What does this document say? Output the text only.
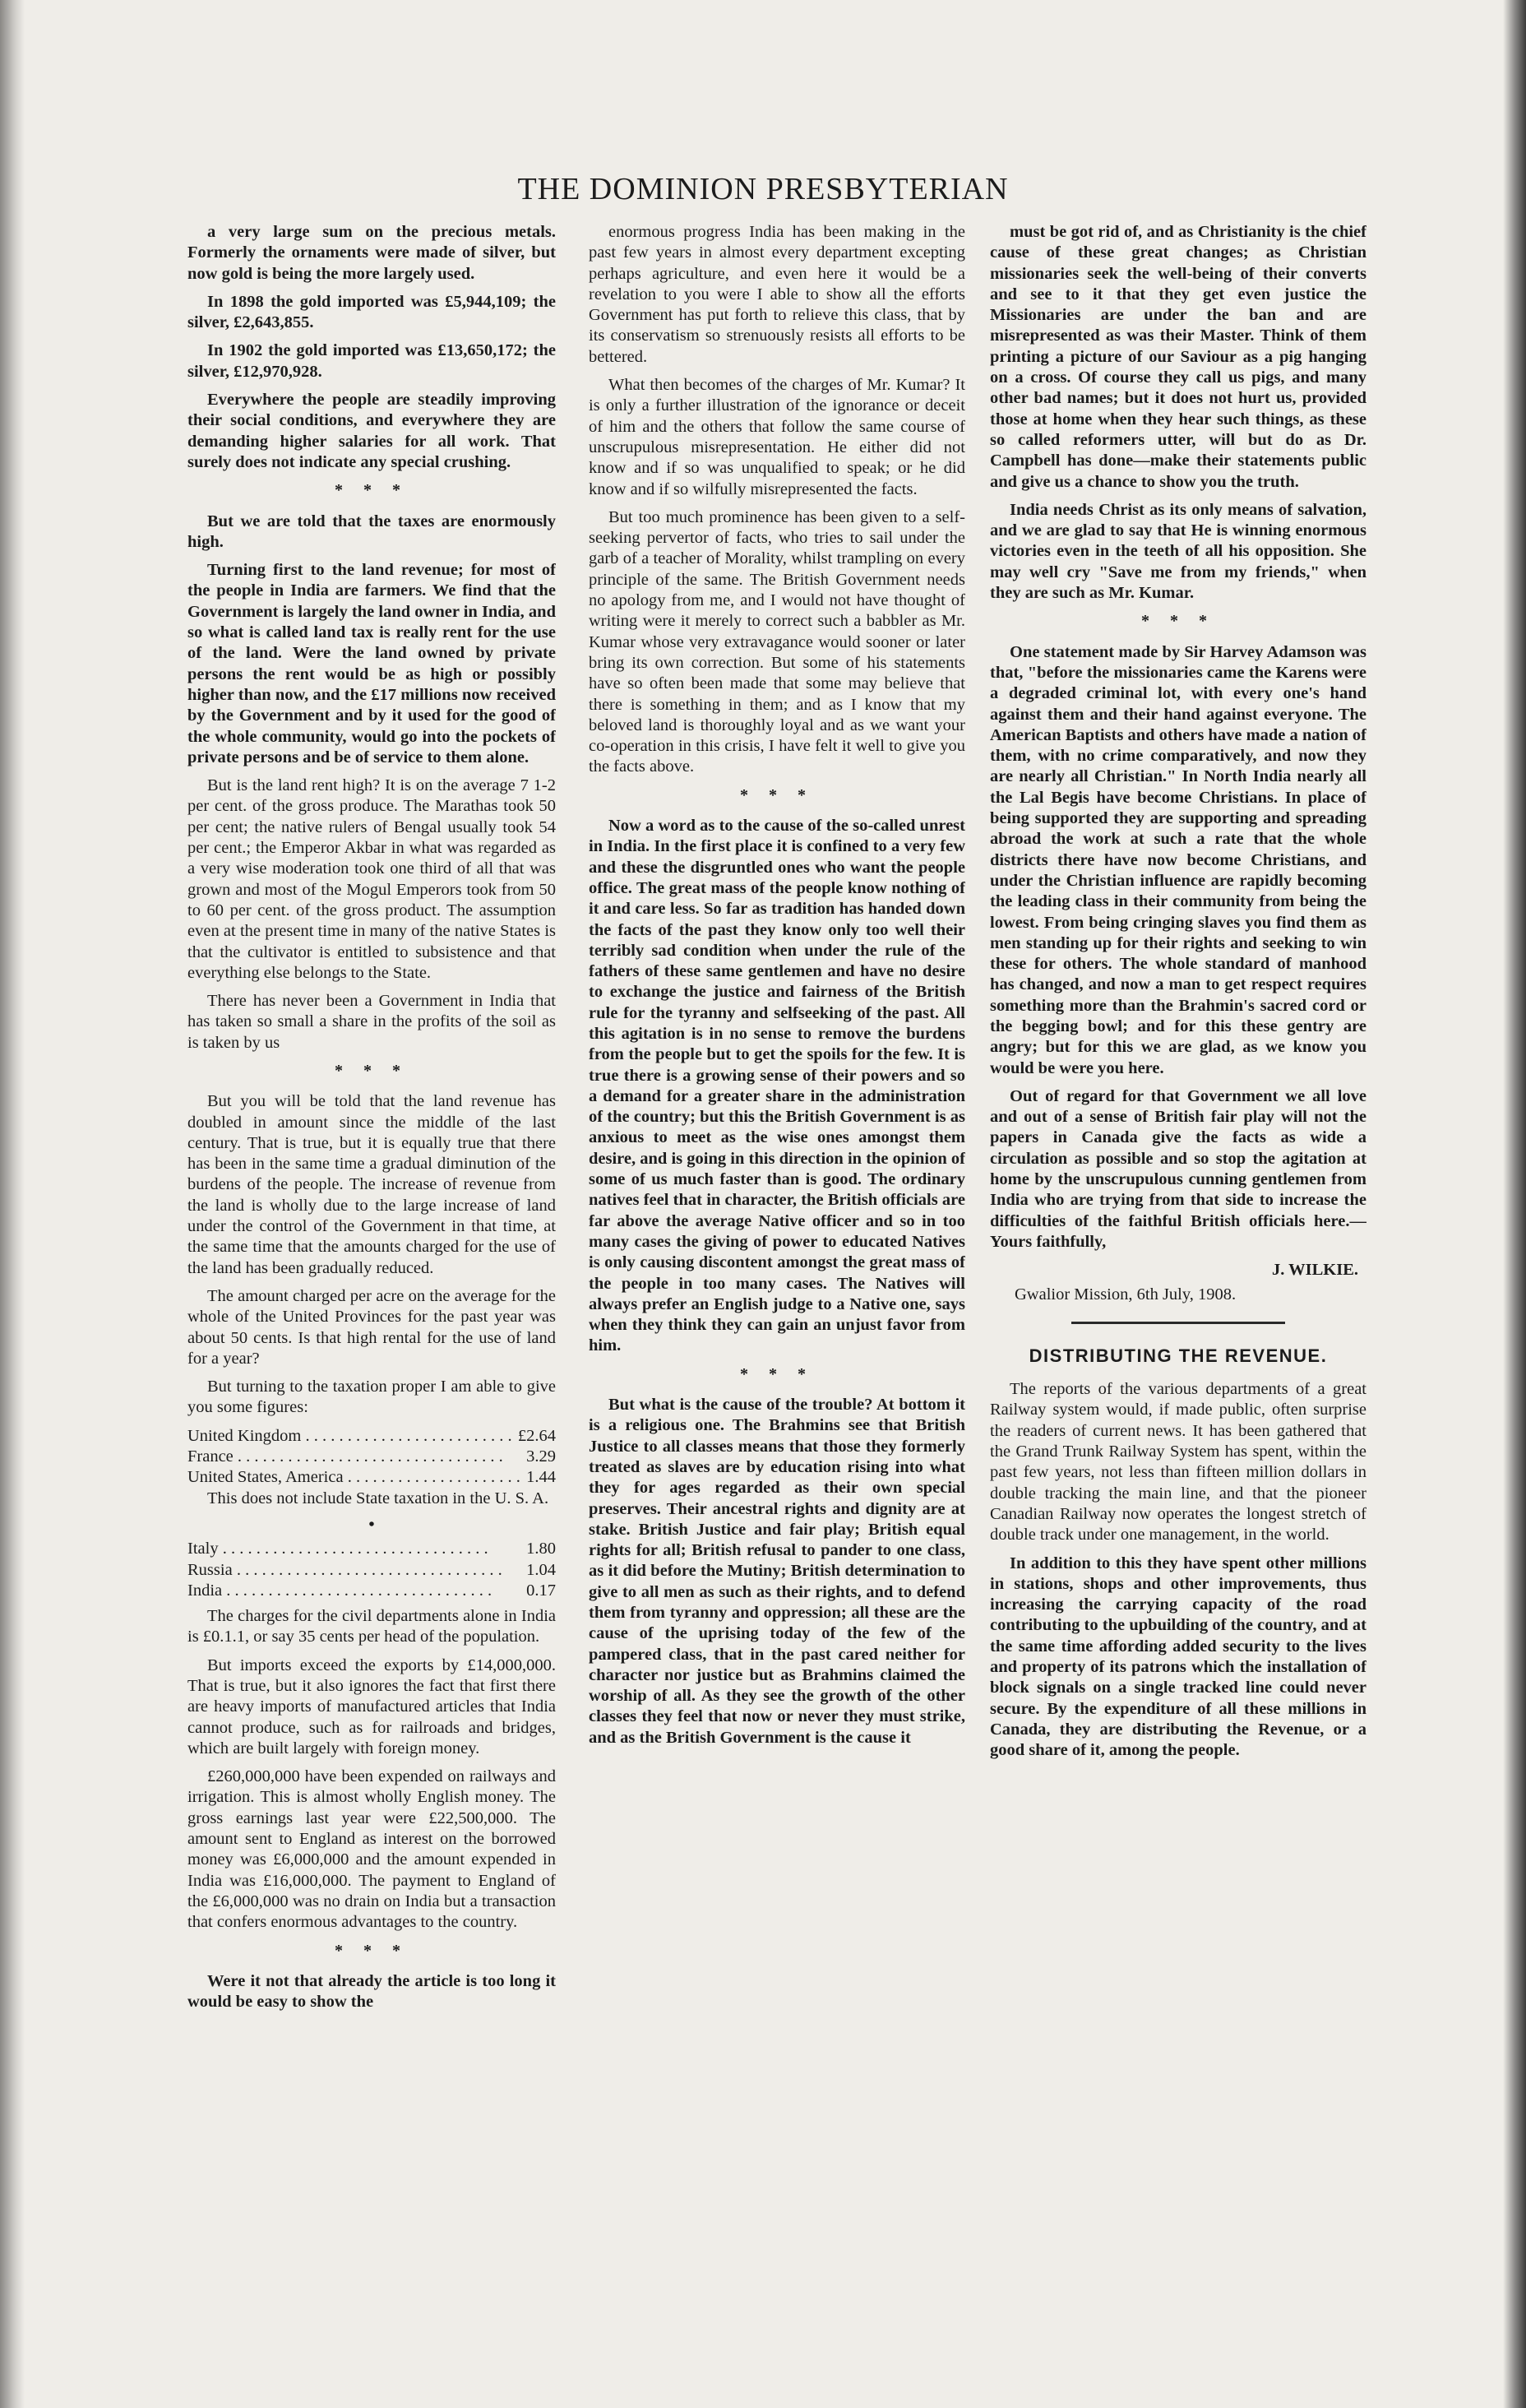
THE DOMINION PRESBYTERIAN

a very large sum on the precious metals. Formerly the ornaments were made of silver, but now gold is being the more largely used.

In 1898 the gold imported was £5,944,109; the silver, £2,643,855.

In 1902 the gold imported was £13,650,172; the silver, £12,970,928.

Everywhere the people are steadily improving their social conditions, and everywhere they are demanding higher salaries for all work. That surely does not indicate any special crushing.

* * *

But we are told that the taxes are enormously high.

Turning first to the land revenue; for most of the people in India are farmers. We find that the Government is largely the land owner in India, and so what is called land tax is really rent for the use of the land. Were the land owned by private persons the rent would be as high or possibly higher than now, and the £17 millions now received by the Government and by it used for the good of the whole community, would go into the pockets of private persons and be of service to them alone.

But is the land rent high? It is on the average 7 1-2 per cent. of the gross produce. The Marathas took 50 per cent; the native rulers of Bengal usually took 54 per cent.; the Emperor Akbar in what was regarded as a very wise moderation took one third of all that was grown and most of the Mogul Emperors took from 50 to 60 per cent. of the gross product. The assumption even at the present time in many of the native States is that the cultivator is entitled to subsistence and that everything else belongs to the State.

There has never been a Government in India that has taken so small a share in the profits of the soil as is taken by us

* * *

But you will be told that the land revenue has doubled in amount since the middle of the last century. That is true, but it is equally true that there has been in the same time a gradual diminution of the burdens of the people. The increase of revenue from the land is wholly due to the large increase of land under the control of the Government in that time, at the same time that the amounts charged for the use of the land has been gradually reduced.

The amount charged per acre on the average for the whole of the United Provinces for the past year was about 50 cents. Is that high rental for the use of land for a year?

But turning to the taxation proper I am able to give you some figures:

United Kingdom . . .	£2.64
France . . .	3.29
United States, America . . .	1.44

This does not include State taxation in the U. S. A.

•
Italy . . .	1.80
Russia . . .	1.04
India . . .	0.17

The charges for the civil departments alone in India is £0.1.1, or say 35 cents per head of the population.

But imports exceed the exports by £14,000,000. That is true, but it also ignores the fact that first there are heavy imports of manufactured articles that India cannot produce, such as for railroads and bridges, which are built largely with foreign money.

£260,000,000 have been expended on railways and irrigation. This is almost wholly English money. The gross earnings last year were £22,500,000. The amount sent to England as interest on the borrowed money was £6,000,000 and the amount expended in India was £16,000,000. The payment to England of the £6,000,000 was no drain on India but a transaction that confers enormous advantages to the country.

* * *

Were it not that already the article is too long it would be easy to show the

enormous progress India has been making in the past few years in almost every department excepting perhaps agriculture, and even here it would be a revelation to you were I able to show all the efforts Government has put forth to relieve this class, that by its conservatism so strenuously resists all efforts to be bettered.

What then becomes of the charges of Mr. Kumar? It is only a further illustration of the ignorance or deceit of him and the others that follow the same course of unscrupulous misrepresentation. He either did not know and if so was unqualified to speak; or he did know and if so wilfully misrepresented the facts.

But too much prominence has been given to a self-seeking pervertor of facts, who tries to sail under the garb of a teacher of Morality, whilst trampling on every principle of the same. The British Government needs no apology from me, and I would not have thought of writing were it merely to correct such a babbler as Mr. Kumar whose very extravagance would sooner or later bring its own correction. But some of his statements have so often been made that some may believe that there is something in them; and as I know that my beloved land is thoroughly loyal and as we want your co-operation in this crisis, I have felt it well to give you the facts above.

* * *

Now a word as to the cause of the so-called unrest in India. In the first place it is confined to a very few and these the disgruntled ones who want the people office. The great mass of the people know nothing of it and care less. So far as tradition has handed down the facts of the past they know only too well their terribly sad condition when under the rule of the fathers of these same gentlemen and have no desire to exchange the justice and fairness of the British rule for the tyranny and selfseeking of the past. All this agitation is in no sense to remove the burdens from the people but to get the spoils for the few. It is true there is a growing sense of their powers and so a demand for a greater share in the administration of the country; but this the British Government is as anxious to meet as the wise ones amongst them desire, and is going in this direction in the opinion of some of us much faster than is good. The ordinary natives feel that in character, the British officials are far above the average Native officer and so in too many cases the giving of power to educated Natives is only causing discontent amongst the great mass of the people in too many cases. The Natives will always prefer an English judge to a Native one, says when they think they can gain an unjust favor from him.

* * *

But what is the cause of the trouble? At bottom it is a religious one. The Brahmins see that British Justice to all classes means that those they formerly treated as slaves are by education rising into what they for ages regarded as their own special preserves. Their ancestral rights and dignity are at stake. British Justice and fair play; British equal rights for all; British refusal to pander to one class, as it did before the Mutiny; British determination to give to all men as such as their rights, and to defend them from tyranny and oppression; all these are the cause of the uprising today of the few of the pampered class, that in the past cared neither for character nor justice but as Brahmins claimed the worship of all. As they see the growth of the other classes they feel that now or never they must strike, and as the British Government is the cause it

must be got rid of, and as Christianity is the chief cause of these great changes; as Christian missionaries seek the well-being of their converts and see to it that they get even justice the Missionaries are under the ban and are misrepresented as was their Master. Think of them printing a picture of our Saviour as a pig hanging on a cross. Of course they call us pigs, and many other bad names; but it does not hurt us, provided those at home when they hear such things, as these so called reformers utter, will but do as Dr. Campbell has done—make their statements public and give us a chance to show you the truth.

India needs Christ as its only means of salvation, and we are glad to say that He is winning enormous victories even in the teeth of all his opposition. She may well cry "Save me from my friends," when they are such as Mr. Kumar.

* * *

One statement made by Sir Harvey Adamson was that, "before the missionaries came the Karens were a degraded criminal lot, with every one's hand against them and their hand against everyone. The American Baptists and others have made a nation of them, with no crime comparatively, and now they are nearly all Christian." In North India nearly all the Lal Begis have become Christians. In place of being supported they are supporting and spreading abroad the work at such a rate that the whole districts there have now become Christians, and under the Christian influence are rapidly becoming the leading class in their community from being the lowest. From being cringing slaves you find them as men standing up for their rights and seeking to win these for others. The whole standard of manhood has changed, and now a man to get respect requires something more than the Brahmin's sacred cord or the begging bowl; and for this these gentry are angry; but for this we are glad, as we know you would be were you here.

Out of regard for that Government we all love and out of a sense of British fair play will not the papers in Canada give the facts as wide a circulation as possible and so stop the agitation at home by the unscrupulous cunning gentlemen from India who are trying from that side to increase the difficulties of the faithful British officials here.—Yours faithfully,

J. WILKIE.
Gwalior Mission, 6th July, 1908.
DISTRIBUTING THE REVENUE.

The reports of the various departments of a great Railway system would, if made public, often surprise the readers of current news. It has been gathered that the Grand Trunk Railway System has spent, within the past few years, not less than fifteen million dollars in double tracking the main line, and that the pioneer Canadian Railway now operates the longest stretch of double track under one management, in the world.

In addition to this they have spent other millions in stations, shops and other improvements, thus increasing the carrying capacity of the road contributing to the upbuilding of the country, and at the same time affording added security to the lives and property of its patrons which the installation of block signals on a single tracked line could never secure. By the expenditure of all these millions in Canada, they are distributing the Revenue, or a good share of it, among the people.
